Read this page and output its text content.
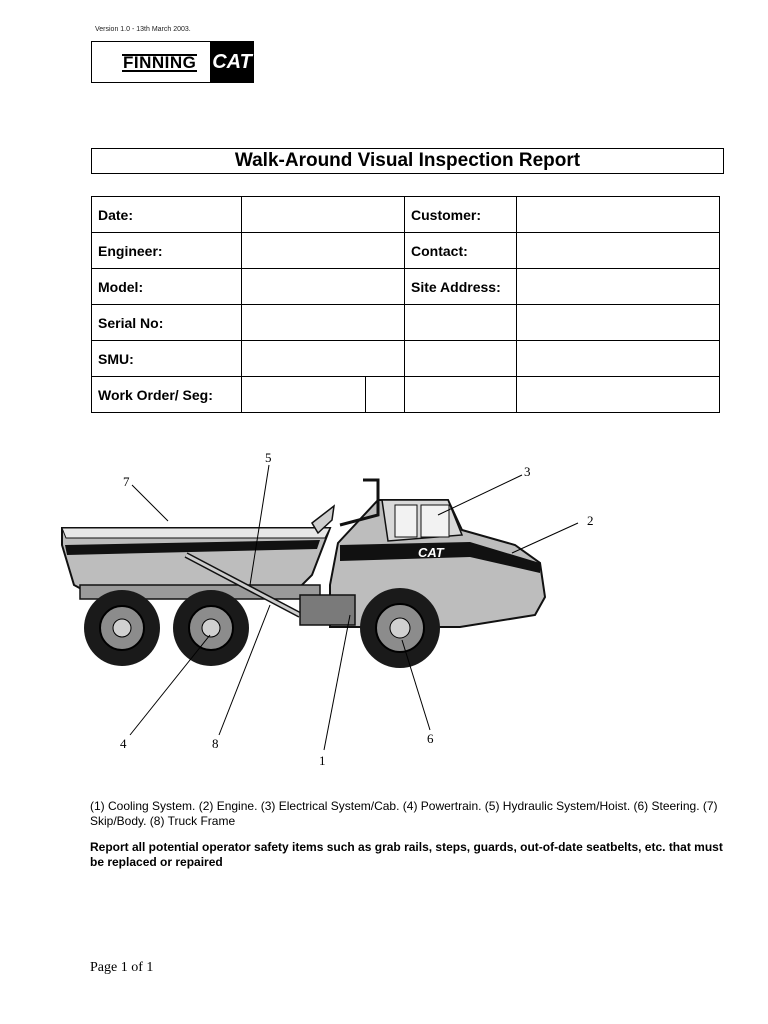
Version 1.0 - 13th March 2003.
FINNING CAT
Walk-Around Visual Inspection Report
Date:			Customer:	
Engineer:			Contact:	
Model:			Site Address:	
Serial No:				
SMU:				
Work Order/ Seg:				
CAT
7
5
3
2
4	8	6
1
(1) Cooling System. (2) Engine. (3) Electrical System/Cab. (4) Powertrain. (5) Hydraulic System/Hoist. (6) Steering. (7) Skip/Body. (8) Truck Frame
Report all potential operator safety items such as grab rails, steps, guards, out-of-date seatbelts, etc. that must be replaced or repaired
Page 1 of 1
